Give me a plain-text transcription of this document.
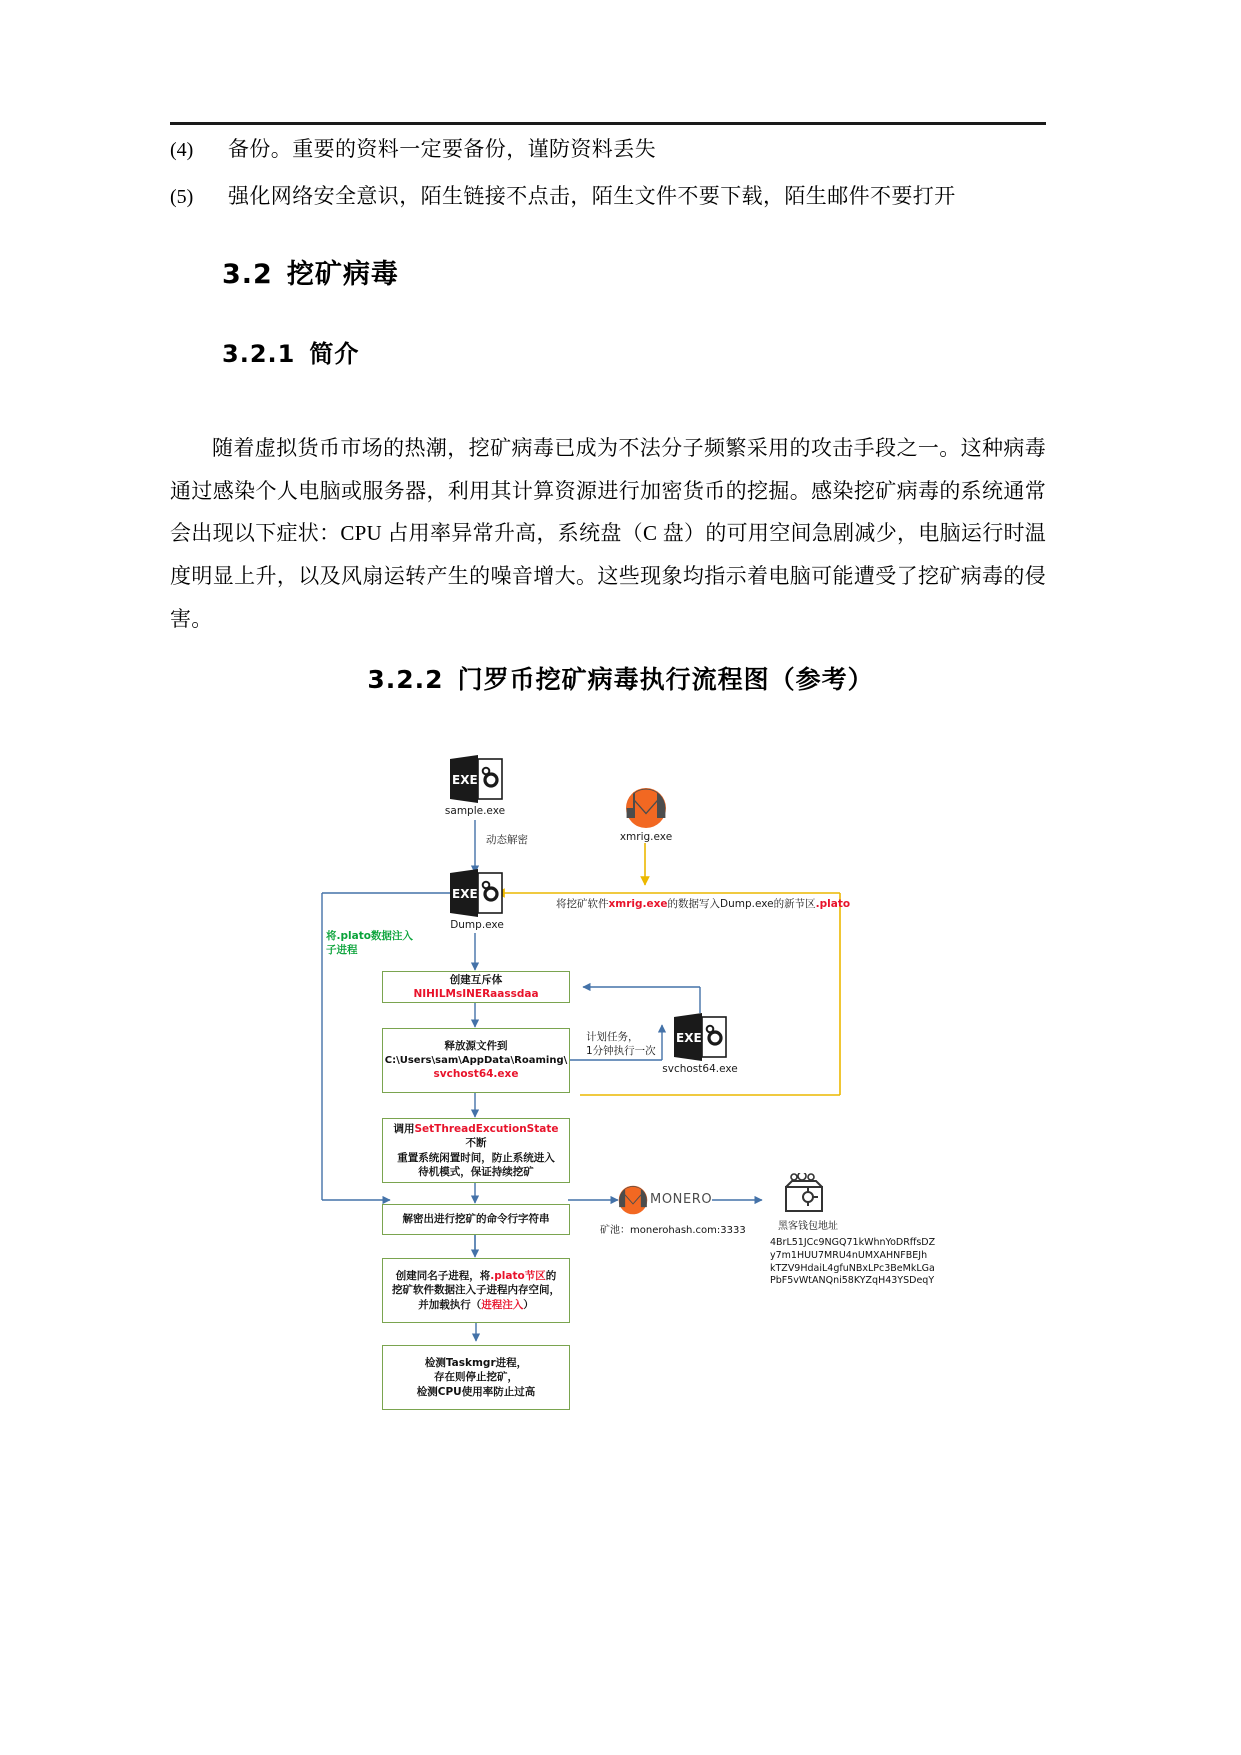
(4)	备份。重要的资料一定要备份，谨防资料丢失
(5)	强化网络安全意识，陌生链接不点击，陌生文件不要下载，陌生邮件不要打开
3.2 挖矿病毒
3.2.1 简介

随着虚拟货币市场的热潮，挖矿病毒已成为不法分子频繁采用的攻击手段之一。这种病毒通过感染个人电脑或服务器，利用其计算资源进行加密货币的挖掘。感染挖矿病毒的系统通常会出现以下症状：CPU 占用率异常升高，系统盘（C 盘）的可用空间急剧减少，电脑运行时温度明显上升，以及风扇运转产生的噪音增大。这些现象均指示着电脑可能遭受了挖矿病毒的侵害。

3.2.2 门罗币挖矿病毒执行流程图（参考）
EXE
sample.exe
动态解密
EXE
Dump.exe
xmrig.exe
将挖矿软件xmrig.exe的数据写入Dump.exe的新节区.plato
将.plato数据注入
子进程
创建互斥体 NIHILMsINERaassdaa
释放源文件到
C:\Users\sam\AppData\Roaming\
svchost64.exe
计划任务，
1分钟执行一次
EXE
svchost64.exe
调用SetThreadExcutionState不断
重置系统闲置时间，防止系统进入
待机模式，保证持续挖矿
解密出进行挖矿的命令行字符串
创建同名子进程，将.plato节区的
挖矿软件数据注入子进程内存空间，
并加载执行（进程注入）
检测Taskmgr进程，
存在则停止挖矿，
检测CPU使用率防止过高
MONERO
矿池：monerohash.com:3333	黑客钱包地址
4BrL51JCc9NGQ71kWhnYoDRffsDZ
y7m1HUU7MRU4nUMXAHNFBEJh
kTZV9HdaiL4gfuNBxLPc3BeMkLGa
PbF5vWtANQni58KYZqH43YSDeqY
